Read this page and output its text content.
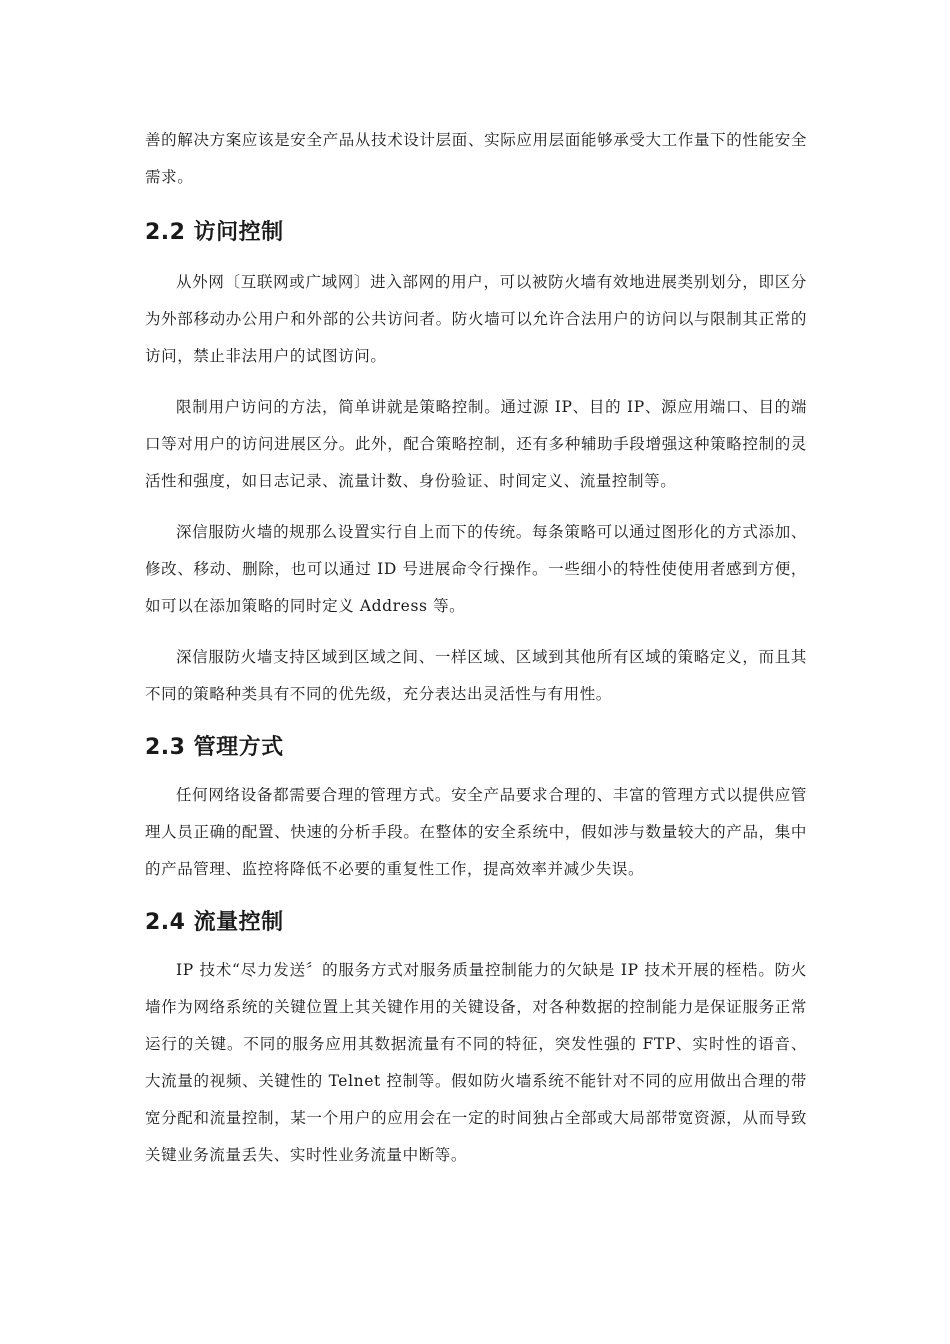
善的解决方案应该是安全产品从技术设计层面、实际应用层面能够承受大工作量下的性能安全需求。

2.2 访问控制

从外网〔互联网或广域网〕进入部网的用户，可以被防火墙有效地进展类别划分，即区分为外部移动办公用户和外部的公共访问者。防火墙可以允许合法用户的访问以与限制其正常的访问，禁止非法用户的试图访问。

限制用户访问的方法，简单讲就是策略控制。通过源 IP、目的 IP、源应用端口、目的端口等对用户的访问进展区分。此外，配合策略控制，还有多种辅助手段增强这种策略控制的灵活性和强度，如日志记录、流量计数、身份验证、时间定义、流量控制等。

深信服防火墙的规那么设置实行自上而下的传统。每条策略可以通过图形化的方式添加、修改、移动、删除，也可以通过 ID 号进展命令行操作。一些细小的特性使使用者感到方便，如可以在添加策略的同时定义 Address 等。

深信服防火墙支持区域到区域之间、一样区域、区域到其他所有区域的策略定义，而且其不同的策略种类具有不同的优先级，充分表达出灵活性与有用性。

2.3 管理方式

任何网络设备都需要合理的管理方式。安全产品要求合理的、丰富的管理方式以提供应管理人员正确的配置、快速的分析手段。在整体的安全系统中，假如涉与数量较大的产品，集中的产品管理、监控将降低不必要的重复性工作，提高效率并减少失误。

2.4 流量控制

IP 技术“尽力发送〞的服务方式对服务质量控制能力的欠缺是 IP 技术开展的桎梏。防火墙作为网络系统的关键位置上其关键作用的关键设备，对各种数据的控制能力是保证服务正常运行的关键。不同的服务应用其数据流量有不同的特征，突发性强的 FTP、实时性的语音、大流量的视频、关键性的 Telnet 控制等。假如防火墙系统不能针对不同的应用做出合理的带宽分配和流量控制，某一个用户的应用会在一定的时间独占全部或大局部带宽资源，从而导致关键业务流量丢失、实时性业务流量中断等。
